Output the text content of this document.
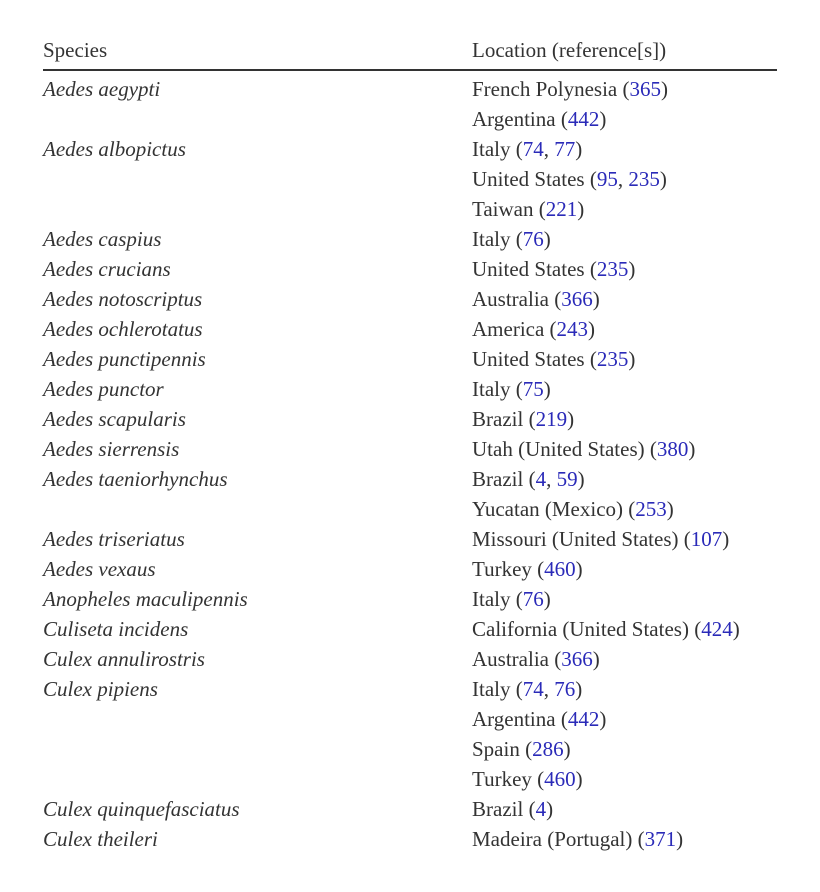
Species	Location (reference[s])
Aedes aegypti	French Polynesia (365)
Argentina (442)
Aedes albopictus	Italy (74, 77)
United States (95, 235)
Taiwan (221)
Aedes caspius	Italy (76)
Aedes crucians	United States (235)
Aedes notoscriptus	Australia (366)
Aedes ochlerotatus	America (243)
Aedes punctipennis	United States (235)
Aedes punctor	Italy (75)
Aedes scapularis	Brazil (219)
Aedes sierrensis	Utah (United States) (380)
Aedes taeniorhynchus	Brazil (4, 59)
Yucatan (Mexico) (253)
Aedes triseriatus	Missouri (United States) (107)
Aedes vexaus	Turkey (460)
Anopheles maculipennis	Italy (76)
Culiseta incidens	California (United States) (424)
Culex annulirostris	Australia (366)
Culex pipiens	Italy (74, 76)
Argentina (442)
Spain (286)
Turkey (460)
Culex quinquefasciatus	Brazil (4)
Culex theileri	Madeira (Portugal) (371)
